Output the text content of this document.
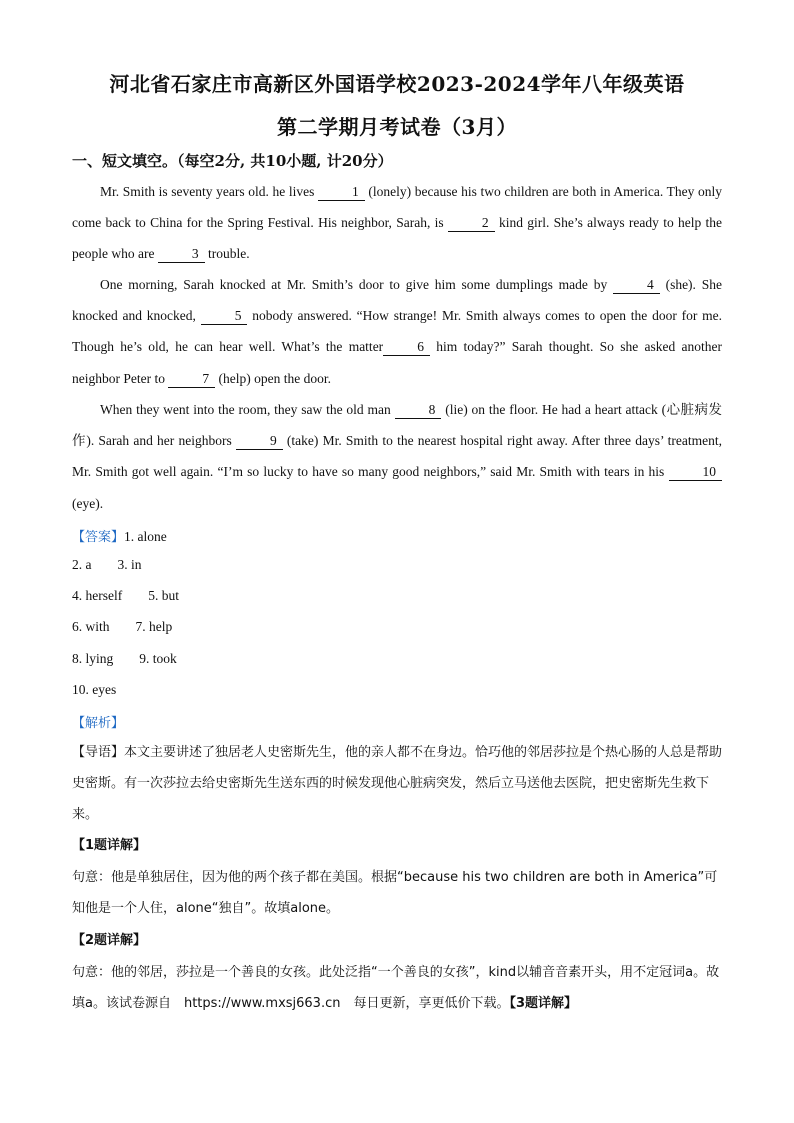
河北省石家庄市高新区外国语学校2023-2024学年八年级英语
第二学期月考试卷（3月）
一、短文填空。（每空2分, 共10小题, 计20分）
Mr. Smith is seventy years old. he lives	1 (lonely) because his two children are both in America. They only come back to China for the Spring Festival. His neighbor, Sarah, is	2 kind girl. She’s always ready to help the people who are	3 trouble.
One morning, Sarah knocked at Mr. Smith’s door to give him some dumplings made by	4 (she). She knocked and knocked,	5 nobody answered. “How strange! Mr. Smith always comes to open the door for me. Though he’s old, he can hear well. What’s the matter	6 him today?” Sarah thought. So she asked another neighbor Peter to	7 (help) open the door.
When they went into the room, they saw the old man	8 (lie) on the floor. He had a heart attack (心脏病发作). Sarah and her neighbors	9 (take) Mr. Smith to the nearest hospital right away. After three days’ treatment, Mr. Smith got well again. “I’m so lucky to have so many good neighbors,” said Mr. Smith with tears in his	10 (eye).
【答案】1. alone
2. a 3. in
4. herself 5. but
6. with 7. help
8. lying 9. took
10. eyes
【解析】
【导语】本文主要讲述了独居老人史密斯先生，他的亲人都不在身边。恰巧他的邻居莎拉是个热心肠的人总是帮助史密斯。有一次莎拉去给史密斯先生送东西的时候发现他心脏病突发，然后立马送他去医院，把史密斯先生救下来。
【1题详解】
句意：他是单独居住，因为他的两个孩子都在美国。根据“because his two children are both in America”可知他是一个人住，alone“独自”。故填alone。
【2题详解】
句意：他的邻居，莎拉是一个善良的女孩。此处泛指“一个善良的女孩”，kind以辅音音素开头，用不定冠词a。故填a。该试卷源自　https://www.mxsj663.cn　每日更新，享更低价下载。【3题详解】
